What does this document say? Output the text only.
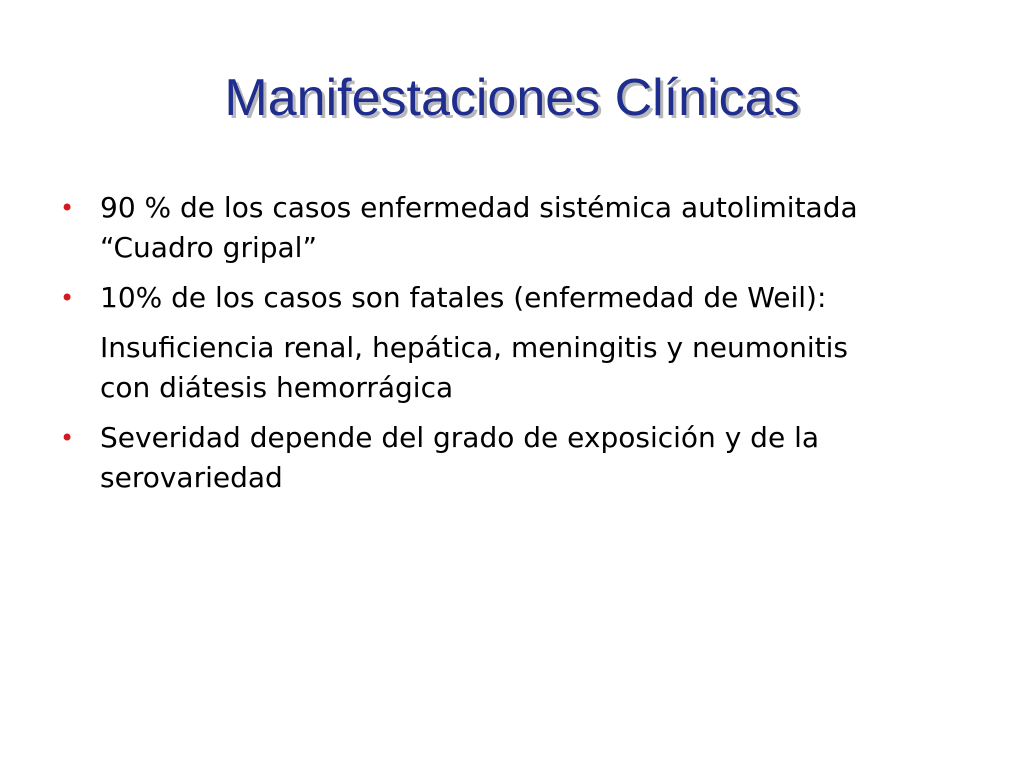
Manifestaciones Clínicas
• 90 % de los casos enfermedad sistémica autolimitada
“Cuadro gripal”
• 10% de los casos son fatales (enfermedad de Weil):
Insuficiencia renal, hepática, meningitis y neumonitis
con diátesis hemorrágica
• Severidad depende del grado de exposición y de la
serovariedad
